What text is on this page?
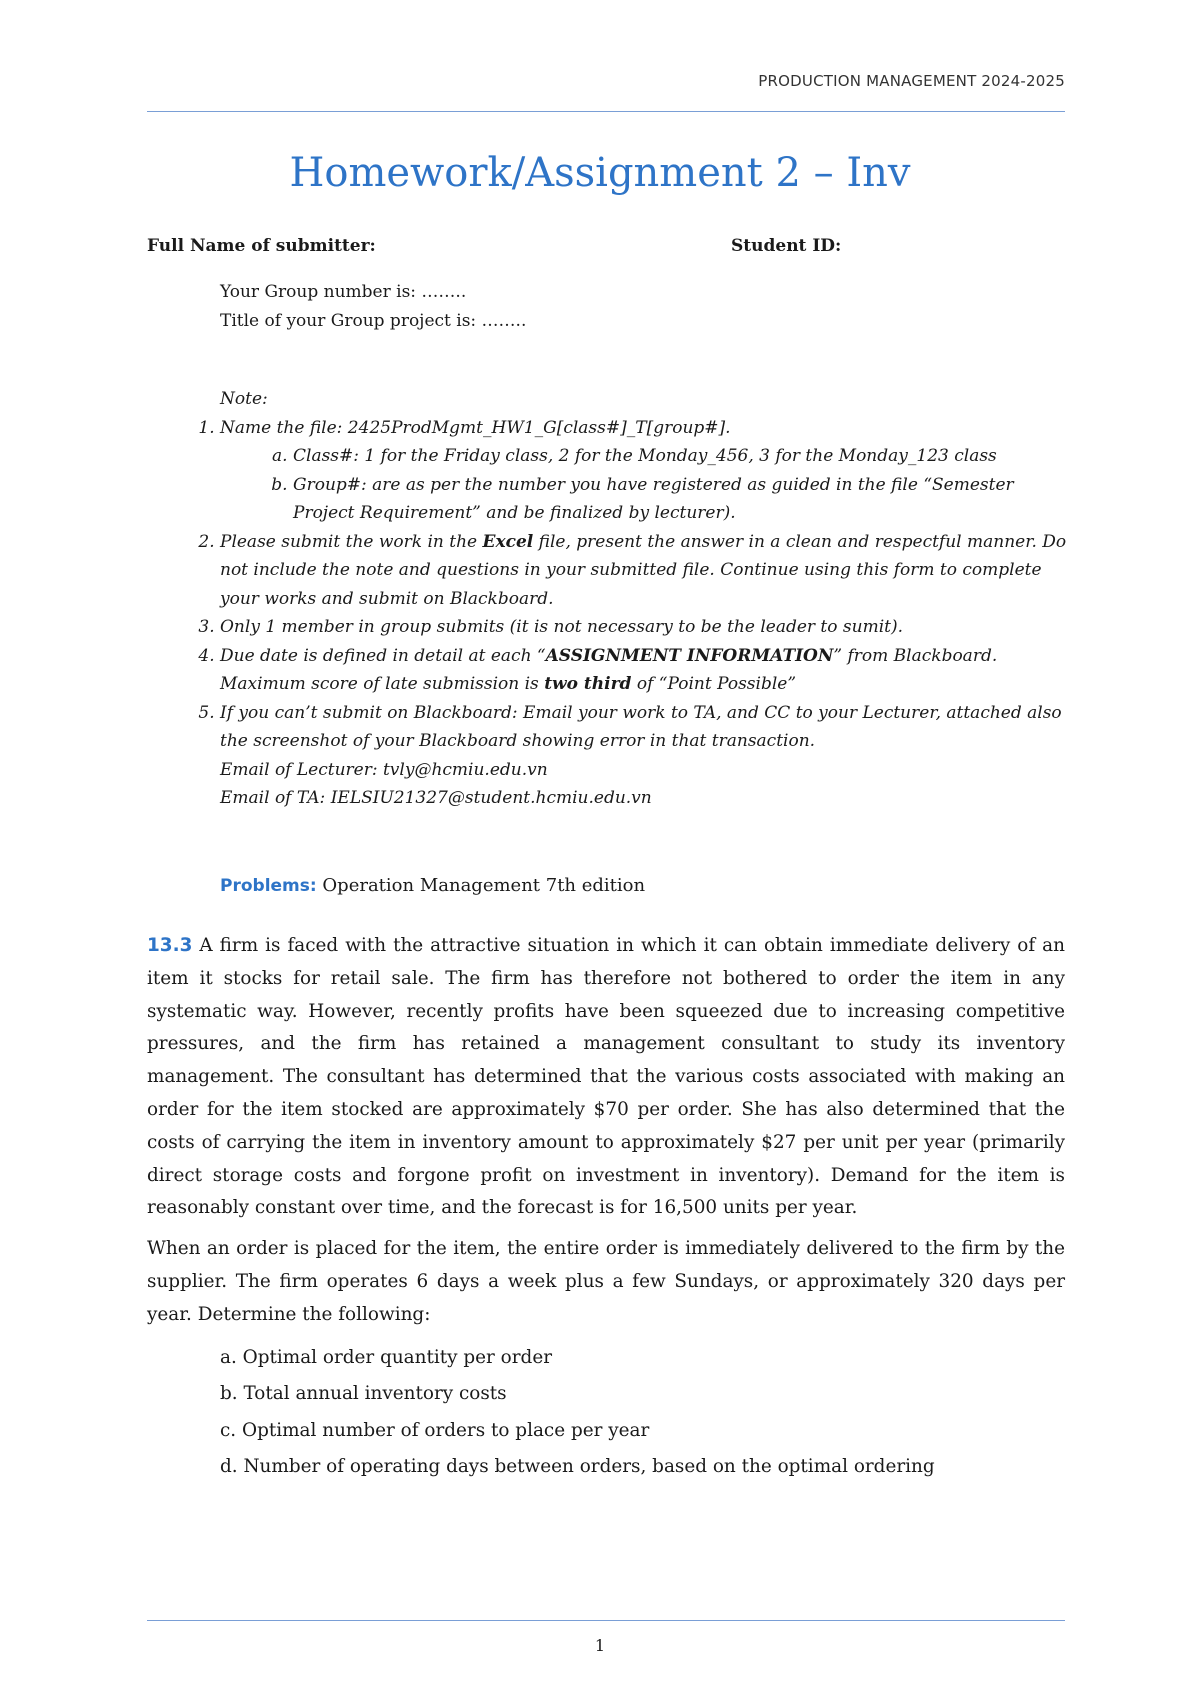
PRODUCTION MANAGEMENT 2024-2025
Homework/Assignment 2 – Inv
Full Name of submitter:	Student ID:
Your Group number is: ……..
Title of your Group project is: ……..
Note:
1. Name the file: 2425ProdMgmt_HW1_G[class#]_T[group#].
a. Class#: 1 for the Friday class, 2 for the Monday_456, 3 for the Monday_123 class
b. Group#: are as per the number you have registered as guided in the file “Semester Project Requirement” and be finalized by lecturer).
2. Please submit the work in the Excel file, present the answer in a clean and respectful manner. Do not include the note and questions in your submitted file. Continue using this form to complete your works and submit on Blackboard.
3. Only 1 member in group submits (it is not necessary to be the leader to sumit).
4. Due date is defined in detail at each “ASSIGNMENT INFORMATION” from Blackboard. Maximum score of late submission is two third of “Point Possible”
5. If you can’t submit on Blackboard: Email your work to TA, and CC to your Lecturer, attached also the screenshot of your Blackboard showing error in that transaction.
Email of Lecturer: tvly@hcmiu.edu.vn
Email of TA: IELSIU21327@student.hcmiu.edu.vn
Problems: Operation Management 7th edition

13.3 A firm is faced with the attractive situation in which it can obtain immediate delivery of an item it stocks for retail sale. The firm has therefore not bothered to order the item in any systematic way. However, recently profits have been squeezed due to increasing competitive pressures, and the firm has retained a management consultant to study its inventory management. The consultant has determined that the various costs associated with making an order for the item stocked are approximately $70 per order. She has also determined that the costs of carrying the item in inventory amount to approximately $27 per unit per year (primarily direct storage costs and forgone profit on investment in inventory). Demand for the item is reasonably constant over time, and the forecast is for 16,500 units per year.

When an order is placed for the item, the entire order is immediately delivered to the firm by the supplier. The firm operates 6 days a week plus a few Sundays, or approximately 320 days per year. Determine the following:

a. Optimal order quantity per order
b. Total annual inventory costs
c. Optimal number of orders to place per year
d. Number of operating days between orders, based on the optimal ordering
1
